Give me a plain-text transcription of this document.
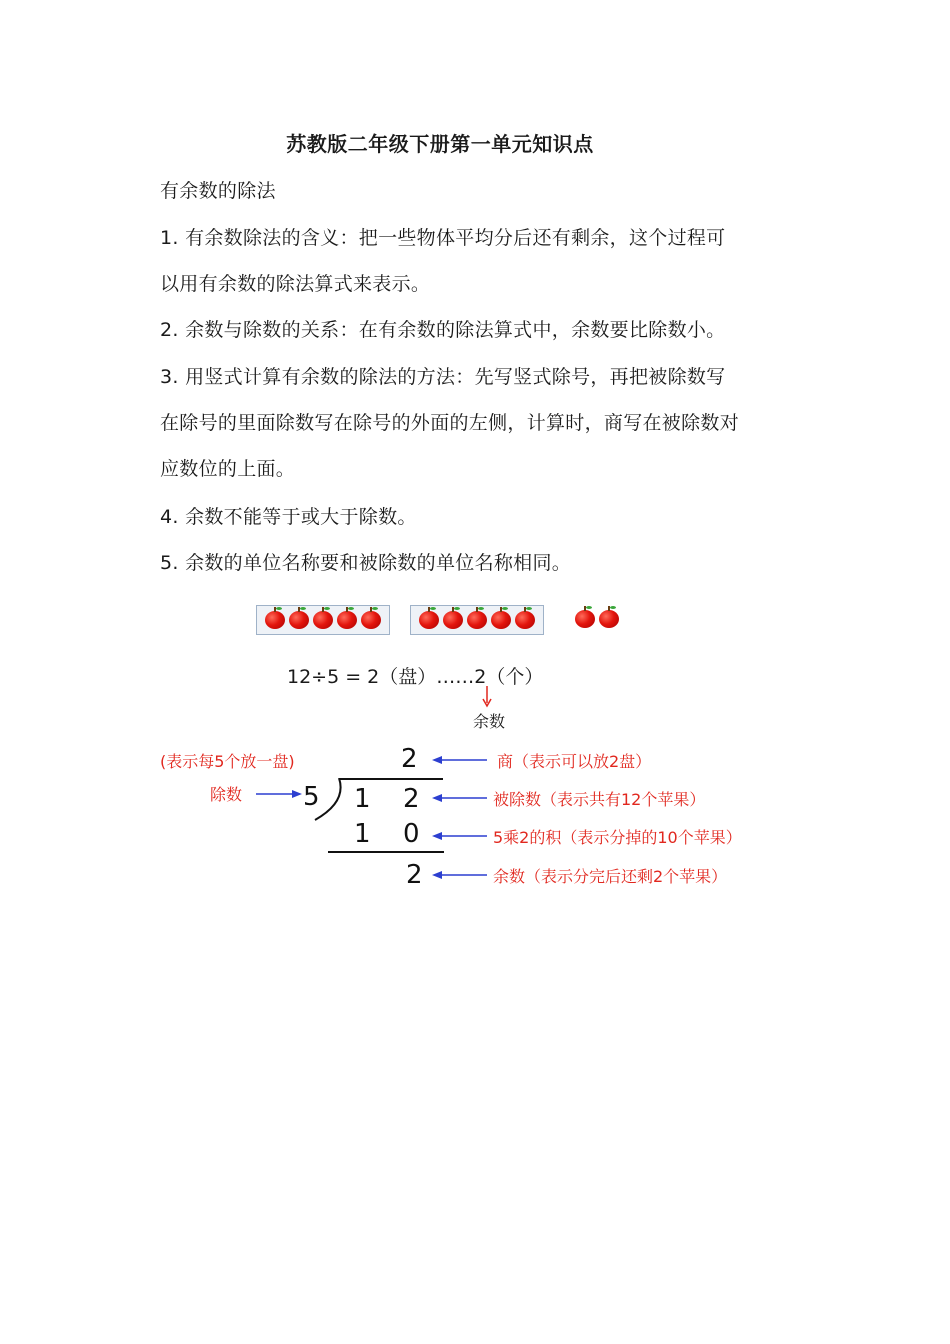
苏教版二年级下册第一单元知识点
有余数的除法
1. 有余数除法的含义：把一些物体平均分后还有剩余，这个过程可
以用有余数的除法算式来表示。
2. 余数与除数的关系：在有余数的除法算式中，余数要比除数小。
3. 用竖式计算有余数的除法的方法：先写竖式除号，再把被除数写
在除号的里面除数写在除号的外面的左侧，计算时，商写在被除数对
应数位的上面。
4. 余数不能等于或大于除数。
5. 余数的单位名称要和被除数的单位名称相同。
12÷5 = 2（盘）……2（个）
余数
2
5 1 2
1 0
2
(表示每5个放一盘)
除数
商（表示可以放2盘）
被除数（表示共有12个苹果）
5乘2的积（表示分掉的10个苹果）
余数（表示分完后还剩2个苹果）
